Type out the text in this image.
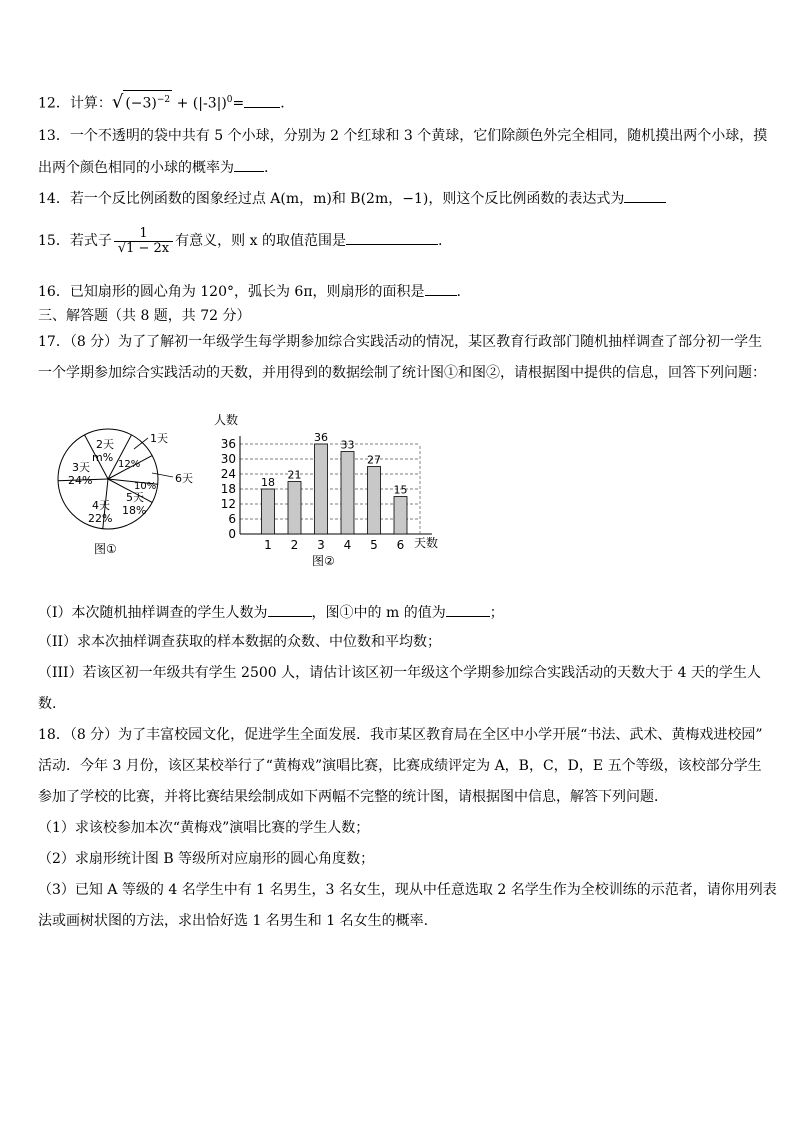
12．计算：√ $(-3)^{-2} + (|-3|)^0=$	.
13．一个不透明的袋中共有 5 个小球，分别为 2 个红球和 3 个黄球，它们除颜色外完全相同，随机摸出两个小球，摸
出两个颜色相同的小球的概率为 .
14．若一个反比例函数的图象经过点 A(m，m)和 B(2m，−1)，则这个反比例函数的表达式为
15．若式子 $\frac{1}{√1 - 2x}$ 有意义，则 x 的取值范围是	.
16．已知扇形的圆心角为 120°，弧长为 6π，则扇形的面积是 .
三、解答题（共 8 题，共 72 分）
17．（8 分）为了了解初一年级学生每学期参加综合实践活动的情况，某区教育行政部门随机抽样调查了部分初一学生
一个学期参加综合实践活动的天数，并用得到的数据绘制了统计图①和图②，请根据图中提供的信息，回答下列问题：
2天
m%
3天
24%
4天
22%
5天
18%
10%
12%
1天
6天
图①
18
21
36
33
27
15
0
6
12
18
24
30
36
1 2 3 4 5 6
人数
天数
图②
（I）本次随机抽样调查的学生人数为	，图①中的 m 的值为	；
（II）求本次抽样调查获取的样本数据的众数、中位数和平均数；
（III）若该区初一年级共有学生 2500 人，请估计该区初一年级这个学期参加综合实践活动的天数大于 4 天的学生人
数.
18．（8 分）为了丰富校园文化，促进学生全面发展．我市某区教育局在全区中小学开展“书法、武术、黄梅戏进校园”
活动．今年 3 月份，该区某校举行了“黄梅戏”演唱比赛，比赛成绩评定为 A，B，C，D，E 五个等级，该校部分学生
参加了学校的比赛，并将比赛结果绘制成如下两幅不完整的统计图，请根据图中信息，解答下列问题．
（1）求该校参加本次“黄梅戏”演唱比赛的学生人数；
（2）求扇形统计图 B 等级所对应扇形的圆心角度数；
（3）已知 A 等级的 4 名学生中有 1 名男生，3 名女生，现从中任意选取 2 名学生作为全校训练的示范者，请你用列表
法或画树状图的方法，求出恰好选 1 名男生和 1 名女生的概率.
